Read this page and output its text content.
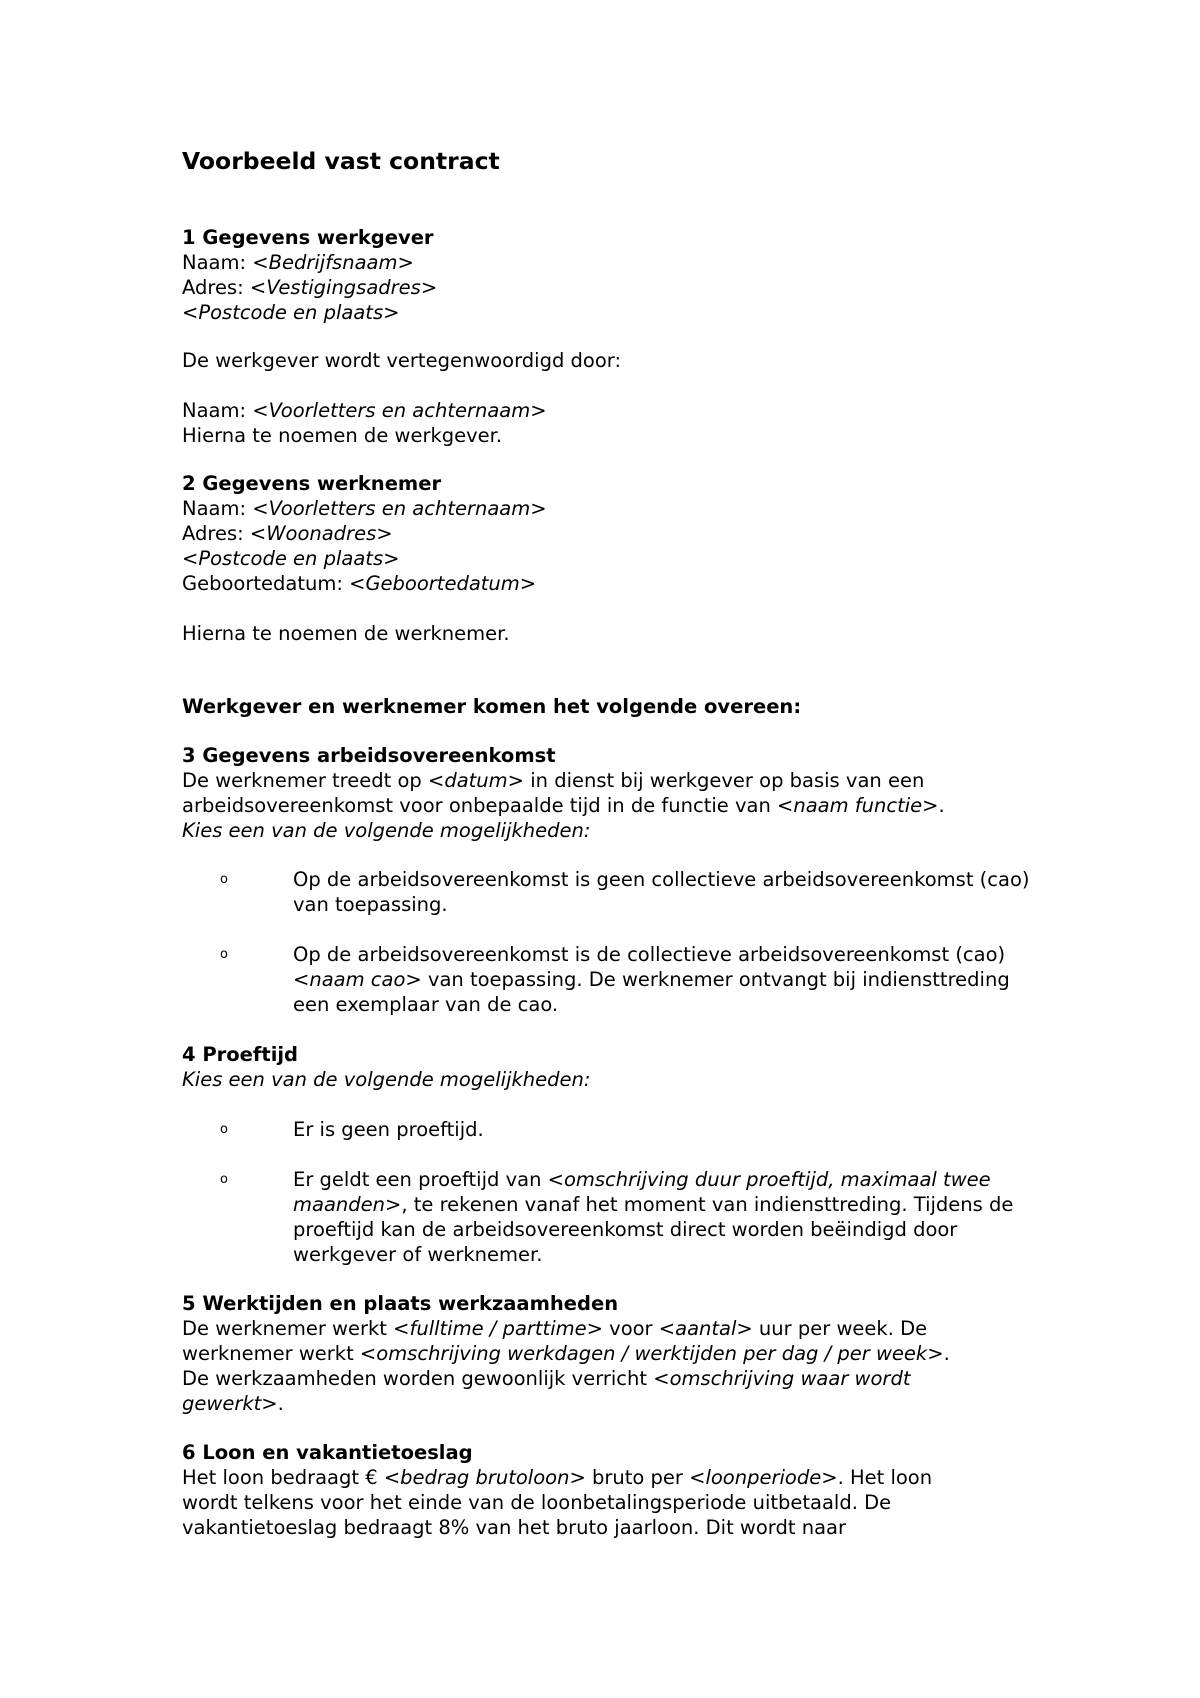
Voorbeeld vast contract
1 Gegevens werkgever
Naam: <Bedrijfsnaam>
Adres: <Vestigingsadres>
<Postcode en plaats>
De werkgever wordt vertegenwoordigd door:
Naam: <Voorletters en achternaam>
Hierna te noemen de werkgever.
2 Gegevens werknemer
Naam: <Voorletters en achternaam>
Adres: <Woonadres>
<Postcode en plaats>
Geboortedatum: <Geboortedatum>
Hierna te noemen de werknemer.
Werkgever en werknemer komen het volgende overeen:
3 Gegevens arbeidsovereenkomst
De werknemer treedt op <datum> in dienst bij werkgever op basis van een
arbeidsovereenkomst voor onbepaalde tijd in de functie van <naam functie>.
Kies een van de volgende mogelijkheden:
o	Op de arbeidsovereenkomst is geen collectieve arbeidsovereenkomst (cao)
van toepassing.
o	Op de arbeidsovereenkomst is de collectieve arbeidsovereenkomst (cao)
<naam cao> van toepassing. De werknemer ontvangt bij indiensttreding
een exemplaar van de cao.
4 Proeftijd
Kies een van de volgende mogelijkheden:
o	Er is geen proeftijd.
o	Er geldt een proeftijd van <omschrijving duur proeftijd, maximaal twee
maanden>, te rekenen vanaf het moment van indiensttreding. Tijdens de
proeftijd kan de arbeidsovereenkomst direct worden beëindigd door
werkgever of werknemer.
5 Werktijden en plaats werkzaamheden
De werknemer werkt <fulltime / parttime> voor <aantal> uur per week. De
werknemer werkt <omschrijving werkdagen / werktijden per dag / per week>.
De werkzaamheden worden gewoonlijk verricht <omschrijving waar wordt
gewerkt>.
6 Loon en vakantietoeslag
Het loon bedraagt € <bedrag brutoloon> bruto per <loonperiode>. Het loon
wordt telkens voor het einde van de loonbetalingsperiode uitbetaald. De
vakantietoeslag bedraagt 8% van het bruto jaarloon. Dit wordt naar
